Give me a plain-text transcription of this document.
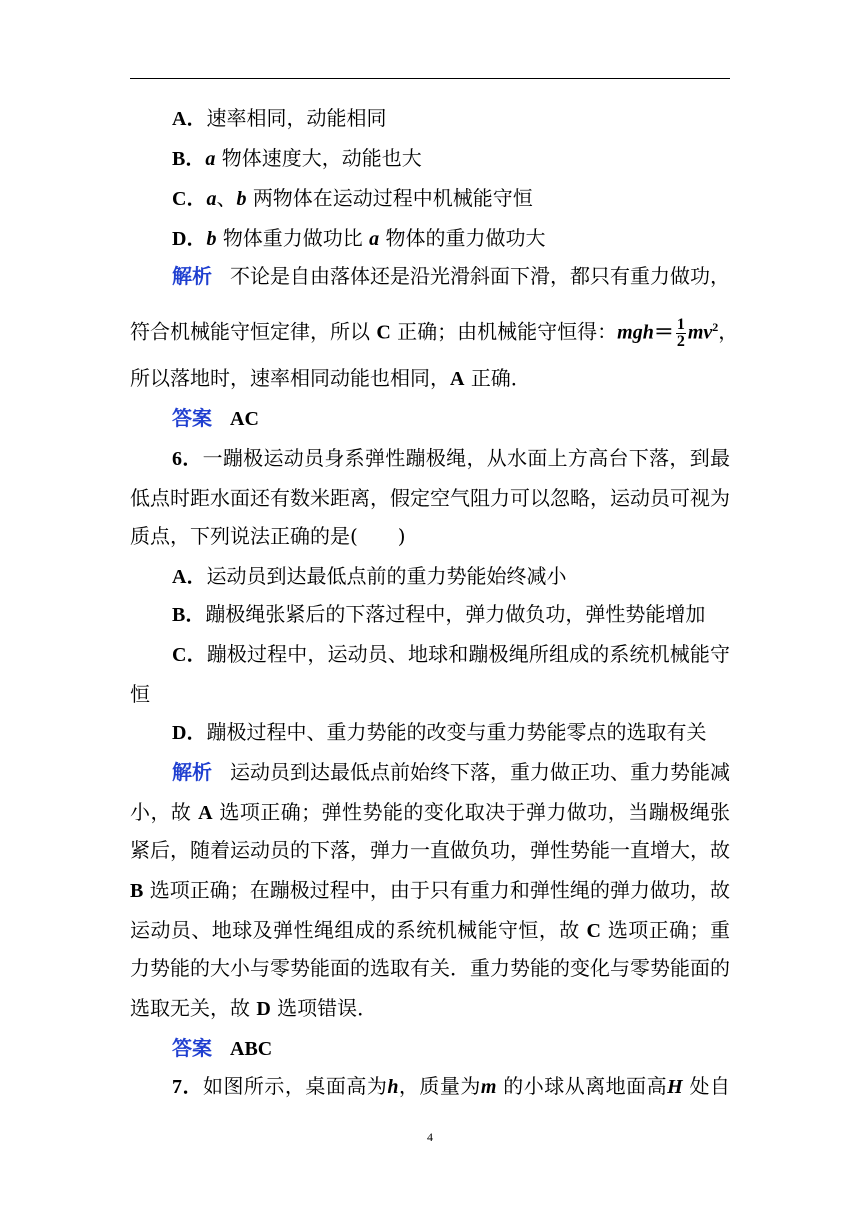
A．速率相同，动能相同
B．a 物体速度大，动能也大
C．a、b 两物体在运动过程中机械能守恒
D．b 物体重力做功比 a 物体的重力做功大
解析 不论是自由落体还是沿光滑斜面下滑，都只有重力做功，
符合机械能守恒定律，所以 C 正确；由机械能守恒得：$mgh= \frac{1}{2} mv^2$，
所以落地时，速率相同动能也相同，A 正确．
答案 AC
6．一蹦极运动员身系弹性蹦极绳，从水面上方高台下落，到最
低点时距水面还有数米距离，假定空气阻力可以忽略，运动员可视为
质点，下列说法正确的是(　　)
A．运动员到达最低点前的重力势能始终减小
B．蹦极绳张紧后的下落过程中，弹力做负功，弹性势能增加
C．蹦极过程中，运动员、地球和蹦极绳所组成的系统机械能守
恒
D．蹦极过程中、重力势能的改变与重力势能零点的选取有关
解析 运动员到达最低点前始终下落，重力做正功、重力势能减
小，故 A 选项正确；弹性势能的变化取决于弹力做功，当蹦极绳张
紧后，随着运动员的下落，弹力一直做负功，弹性势能一直增大，故
B 选项正确；在蹦极过程中，由于只有重力和弹性绳的弹力做功，故
运动员、地球及弹性绳组成的系统机械能守恒，故 C 选项正确；重
力势能的大小与零势能面的选取有关．重力势能的变化与零势能面的
选取无关，故 D 选项错误．
答案 ABC
7．如图所示，桌面高为h，质量为m 的小球从离地面高H 处自
4
